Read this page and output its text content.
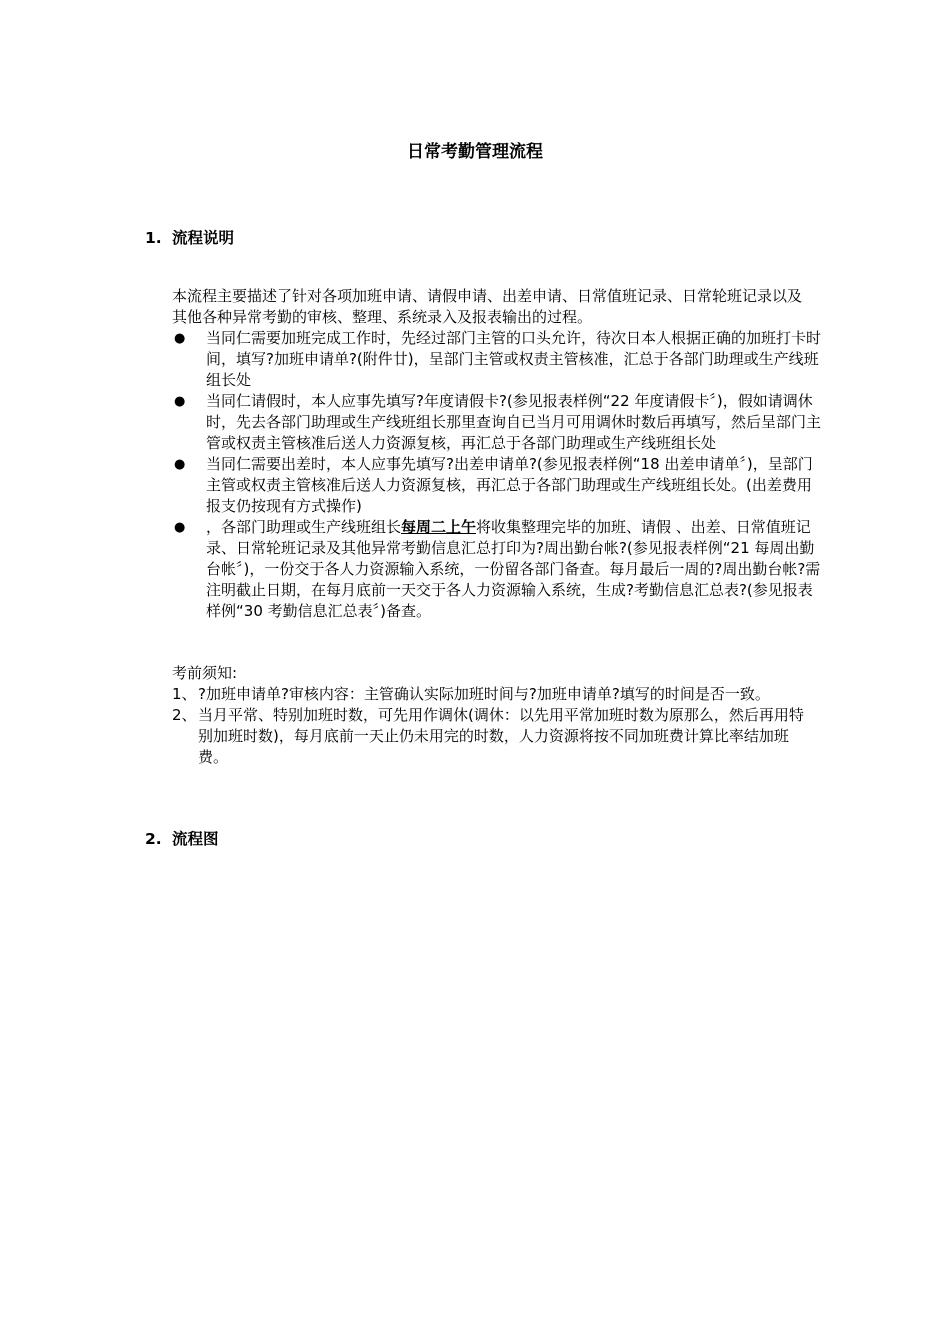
日常考勤管理流程
1. 流程说明
本流程主要描述了针对各项加班申请、请假申请、出差申请、日常值班记录、日常轮班记录以及其他各种异常考勤的审核、整理、系统录入及报表输出的过程。
● 当同仁需要加班完成工作时，先经过部门主管的口头允许，待次日本人根据正确的加班打卡时间，填写?加班申请单?(附件廿)，呈部门主管或权责主管核准，汇总于各部门助理或生产线班组长处
● 当同仁请假时，本人应事先填写?年度请假卡?(参见报表样例“22 年度请假卡〞)，假如请调休时，先去各部门助理或生产线班组长那里查询自已当月可用调休时数后再填写，然后呈部门主管或权责主管核准后送人力资源复核，再汇总于各部门助理或生产线班组长处
● 当同仁需要出差时，本人应事先填写?出差申请单?(参见报表样例“18 出差申请单〞)，呈部门主管或权责主管核准后送人力资源复核，再汇总于各部门助理或生产线班组长处。(出差费用报支仍按现有方式操作)
● ，各部门助理或生产线班组长每周二上午将收集整理完毕的加班、请假 、出差、日常值班记录、日常轮班记录及其他异常考勤信息汇总打印为?周出勤台帐?(参见报表样例“21 每周出勤台帐〞)，一份交于各人力资源输入系统，一份留各部门备查。每月最后一周的?周出勤台帐?需注明截止日期，在每月底前一天交于各人力资源输入系统，生成?考勤信息汇总表?(参见报表样例“30 考勤信息汇总表〞)备查。
考前须知:
1、 ?加班申请单?审核内容：主管确认实际加班时间与?加班申请单?填写的时间是否一致。
2、 当月平常、特别加班时数，可先用作调休(调休：以先用平常加班时数为原那么，然后再用特别加班时数)，每月底前一天止仍未用完的时数，人力资源将按不同加班费计算比率结加班费。
2. 流程图
